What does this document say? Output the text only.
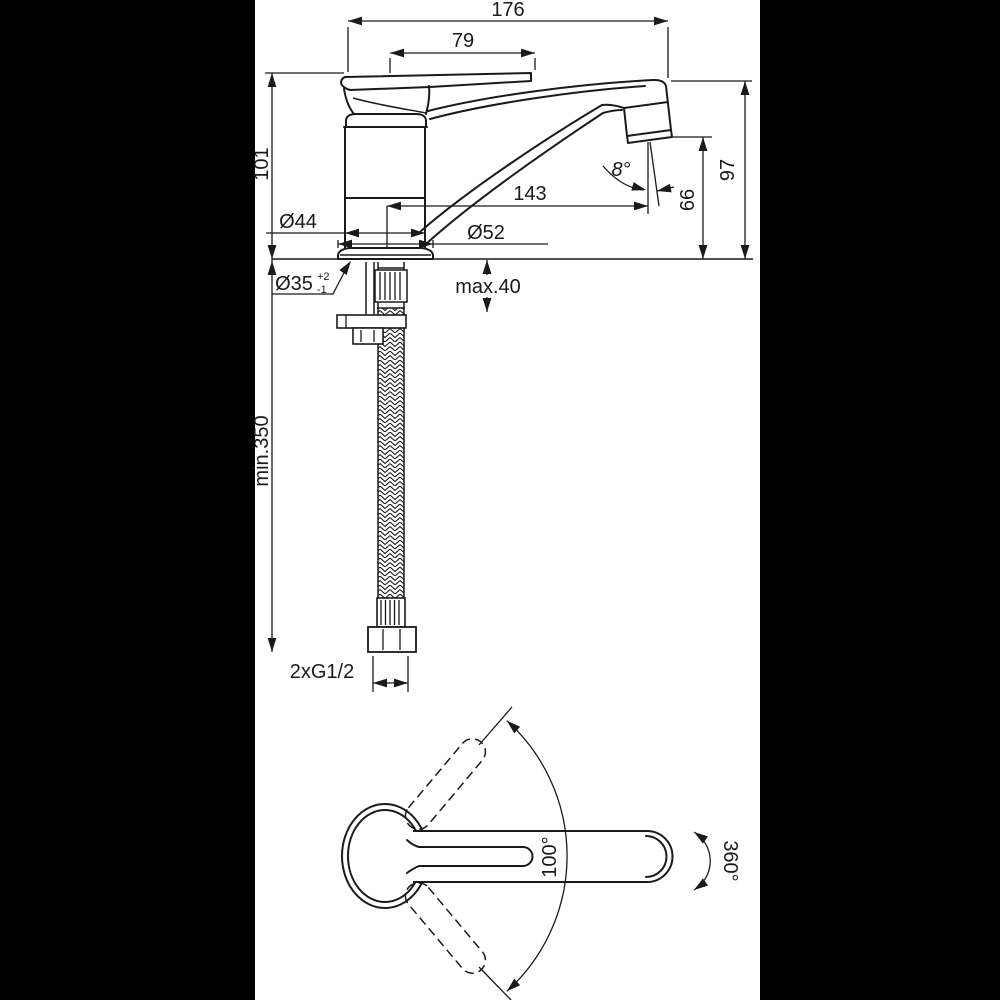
176
79
101
min.350
97
66
143
Ø44	Ø52
8°
max.40
Ø35 +2
-1
2xG1/2
100°	360°
